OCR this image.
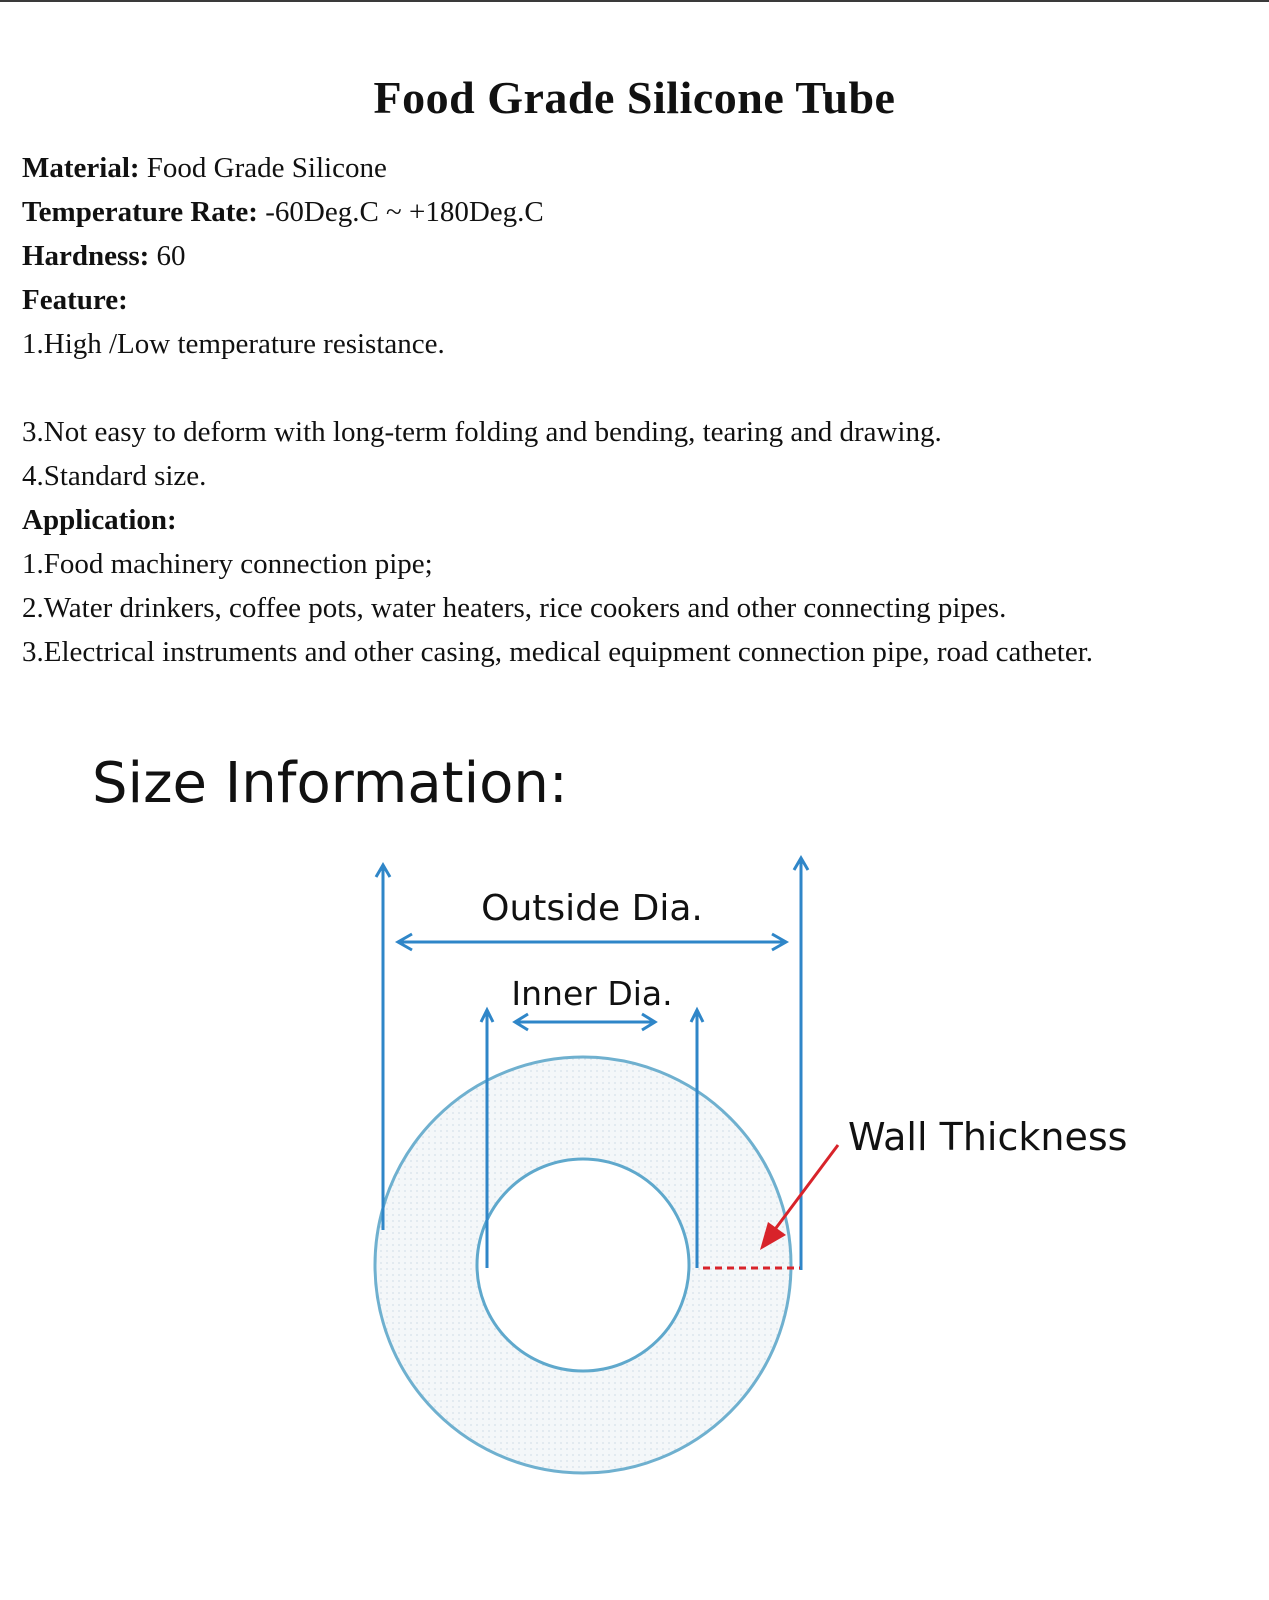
Food Grade Silicone Tube
Material: Food Grade Silicone
Temperature Rate: -60Deg.C ~ +180Deg.C
Hardness: 60
Feature:
1.High /Low temperature resistance.
3.Not easy to deform with long-term folding and bending, tearing and drawing.
4.Standard size.
Application:
1.Food machinery connection pipe;
2.Water drinkers, coffee pots, water heaters, rice cookers and other connecting pipes.
3.Electrical instruments and other casing, medical equipment connection pipe, road catheter.
Size Information:
Outside Dia.
Inner Dia.
Wall Thickness
